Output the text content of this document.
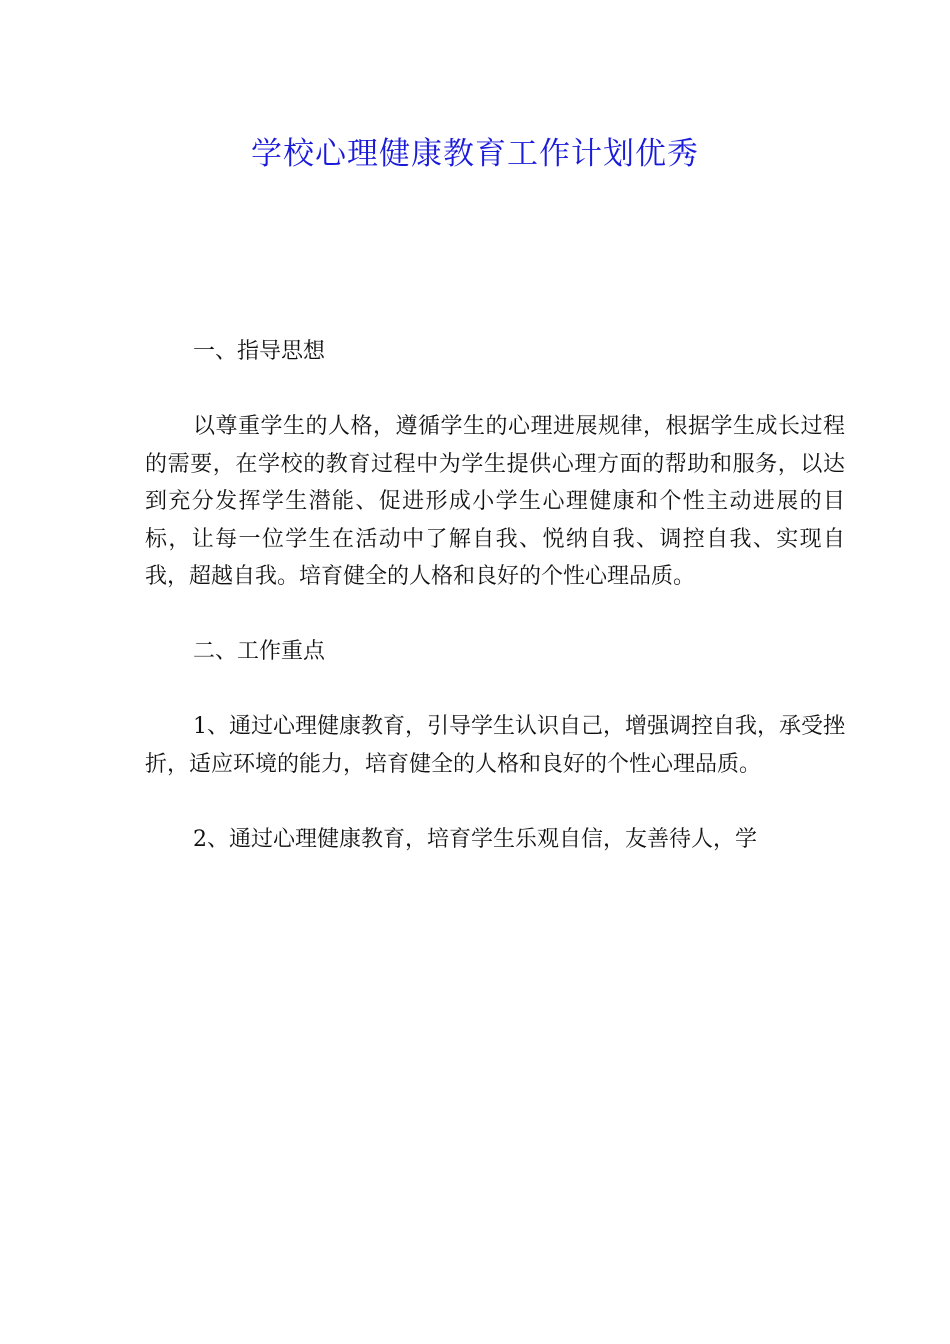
学校心理健康教育工作计划优秀

一、指导思想

以尊重学生的人格，遵循学生的心理进展规律，根据学生成长过程的需要，在学校的教育过程中为学生提供心理方面的帮助和服务，以达到充分发挥学生潜能、促进形成小学生心理健康和个性主动进展的目标，让每一位学生在活动中了解自我、悦纳自我、调控自我、实现自我，超越自我。培育健全的人格和良好的个性心理品质。

二、工作重点

1、通过心理健康教育，引导学生认识自己，增强调控自我，承受挫折，适应环境的能力，培育健全的人格和良好的个性心理品质。

2、通过心理健康教育，培育学生乐观自信，友善待人，学
